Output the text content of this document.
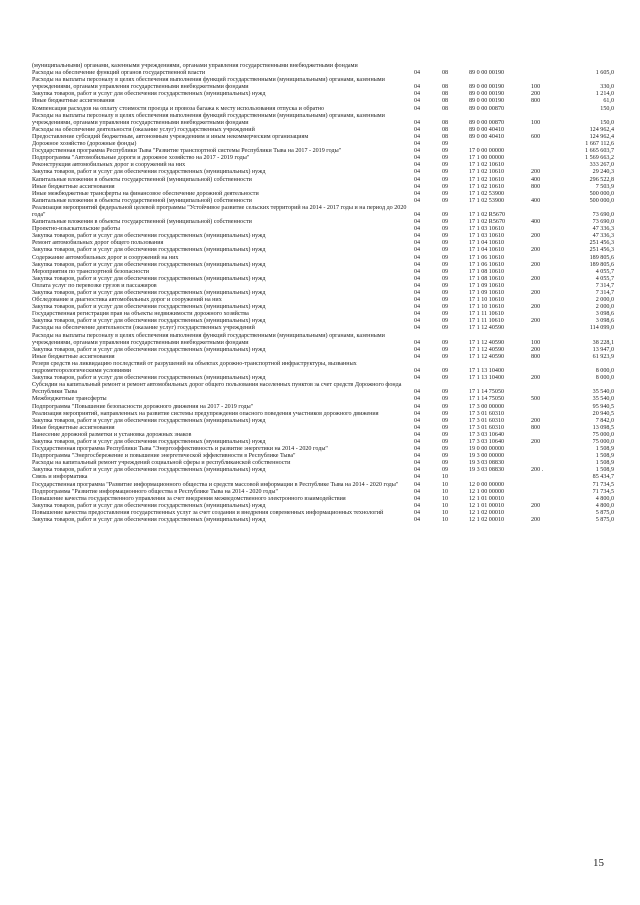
(муниципальными) органами, казенными учреждениями, органами управления государственными внебюджетными фондами					
Расходы на обеспечение функций органов государственной власти	04	08	89 0 00 00190		1 605,0
Расходы на выплаты персоналу в целях обеспечения выполнения функций государственными (муниципальными) органами, казенными учреждениями, органами управления государственными внебюджетными фондами	04	08	89 0 00 00190	100	330,0
Закупка товаров, работ и услуг для обеспечения государственных (муниципальных) нужд	04	08	89 0 00 00190	200	1 214,0
Иные бюджетные ассигнования	04	08	89 0 00 00190	800	61,0
Компенсация расходов на оплату стоимости проезда и провоза багажа к месту использования отпуска и обратно	04	08	89 0 00 00870		150,0
Расходы на выплаты персоналу в целях обеспечения выполнения функций государственными (муниципальными) органами, казенными учреждениями, органами управления государственными внебюджетными фондами	04	08	89 0 00 00870	100	150,0
Расходы на обеспечение деятельности (оказание услуг) государственных учреждений	04	08	89 0 00 40410		124 962,4
Предоставление субсидий бюджетным, автономным учреждениям и иным некоммерческим организациям	04	08	89 0 00 40410	600	124 962,4
Дорожное хозяйство (дорожные фонды)	04	09			1 667 112,6
Государственная программа Республики Тыва "Развитие транспортной системы Республики Тыва на 2017 - 2019 годы"	04	09	17 0 00 00000		1 665 603,7
Подпрограмма "Автомобильные дороги и дорожное хозяйство на 2017 - 2019 годы"	04	09	17 1 00 00000		1 569 663,2
Реконструкция автомобильных дорог и сооружений на них	04	09	17 1 02 10610		333 267,0
Закупка товаров, работ и услуг для обеспечения государственных (муниципальных) нужд	04	09	17 1 02 10610	200	29 240,3
Капитальные вложения в объекты государственной (муниципальной) собственности	04	09	17 1 02 10610	400	296 522,8
Иные бюджетные ассигнования	04	09	17 1 02 10610	800	7 503,9
Иные межбюджетные трансферты на финансовое обеспечение дорожной деятельности	04	09	17 1 02 53900		500 000,0
Капитальные вложения в объекты государственной (муниципальной) собственности	04	09	17 1 02 53900	400	500 000,0
Реализация мероприятий федеральной целевой программы "Устойчивое развитие сельских территорий на 2014 - 2017 годы и на период до 2020 года"	04	09	17 1 02 R5670		73 690,0
Капитальные вложения в объекты государственной (муниципальной) собственности	04	09	17 1 02 R5670	400	73 690,0
Проектно-изыскательские работы	04	09	17 1 03 10610		47 336,3
Закупка товаров, работ и услуг для обеспечения государственных (муниципальных) нужд	04	09	17 1 03 10610	200	47 336,3
Ремонт автомобильных дорог общего пользования	04	09	17 1 04 10610		251 456,3
Закупка товаров, работ и услуг для обеспечения государственных (муниципальных) нужд	04	09	17 1 04 10610	200	251 456,3
Содержание автомобильных дорог и сооружений на них	04	09	17 1 06 10610		189 805,6
Закупка товаров, работ и услуг для обеспечения государственных (муниципальных) нужд	04	09	17 1 06 10610	200	189 805,6
Мероприятия по транспортной безопасности	04	09	17 1 08 10610		4 055,7
Закупка товаров, работ и услуг для обеспечения государственных (муниципальных) нужд	04	09	17 1 08 10610	200	4 055,7
Оплата услуг по перевозке грузов и пассажиров	04	09	17 1 09 10610		7 314,7
Закупка товаров, работ и услуг для обеспечения государственных (муниципальных) нужд	04	09	17 1 09 10610	200	7 314,7
Обследование и диагностика автомобильных дорог и сооружений на них	04	09	17 1 10 10610		2 000,0
Закупка товаров, работ и услуг для обеспечения государственных (муниципальных) нужд	04	09	17 1 10 10610	200	2 000,0
Государственная регистрация прав на объекты недвижимости дорожного хозяйства	04	09	17 1 11 10610		3 098,6
Закупка товаров, работ и услуг для обеспечения государственных (муниципальных) нужд	04	09	17 1 11 10610	200	3 098,6
Расходы на обеспечение деятельности (оказание услуг) государственных учреждений	04	09	17 1 12 40590		114 099,0
Расходы на выплаты персоналу в целях обеспечения выполнения функций государственными (муниципальными) органами, казенными учреждениями, органами управления государственными внебюджетными фондами	04	09	17 1 12 40590	100	38 228,1
Закупка товаров, работ и услуг для обеспечения государственных (муниципальных) нужд	04	09	17 1 12 40590	200	13 947,0
Иные бюджетные ассигнования	04	09	17 1 12 40590	800	61 923,9
Резерв средств на ликвидацию последствий от разрушений на объектах дорожно-транспортной инфраструктуры, вызванных гидрометеорологическими условиями	04	09	17 1 13 10400		8 000,0
Закупка товаров, работ и услуг для обеспечения государственных (муниципальных) нужд	04	09	17 1 13 10400	200	8 000,0
Субсидии на капитальный ремонт и ремонт автомобильных дорог общего пользования населенных пунктов за счет средств Дорожного фонда Республики Тыва	04	09	17 1 14 75050		35 540,0
Межбюджетные трансферты	04	09	17 1 14 75050	500	35 540,0
Подпрограмма "Повышение безопасности дорожного движения на 2017 - 2019 годы"	04	09	17 3 00 00000		95 940,5
Реализация мероприятий, направленных на развитие системы предупреждения опасного поведения участников дорожного движения	04	09	17 3 01 60310		20 940,5
Закупка товаров, работ и услуг для обеспечения государственных (муниципальных) нужд	04	09	17 3 01 60310	200	7 842,0
Иные бюджетные ассигнования	04	09	17 3 01 60310	800	13 098,5
Нанесение дорожной разметки и установка дорожных знаков	04	09	17 3 03 10640		75 000,0
Закупка товаров, работ и услуг для обеспечения государственных (муниципальных) нужд	04	09	17 3 03 10640	200	75 000,0
Государственная программа Республики Тыва "Энергоэффективность и развитие энергетики на 2014 - 2020 годы"	04	09	19 0 00 00000		1 508,9
Подпрограмма "Энергосбережение и повышение энергетической эффективности в Республике Тыва"	04	09	19 3 00 00000		1 508,9
Расходы на капитальный ремонт учреждений социальной сферы и республиканской собственности	04	09	19 3 03 08830		1 508,9
Закупка товаров, работ и услуг для обеспечения государственных (муниципальных) нужд	04	09	19 3 03 08830	200 .	1 508,9
Связь и информатика	04	10			85 434,7
Государственная программа "Развитие информационного общества и средств массовой информации в Республике Тыва на 2014 - 2020 годы"	04	10	12 0 00 00000		71 734,5
Подпрограмма "Развитие информационного общества в Республике Тыва на 2014 - 2020 годы"	04	10	12 1 00 00000		71 734,5
Повышение качества государственного управления за счет внедрения межведомственного электронного взаимодействия	04	10	12 1 01 00010		4 800,0
Закупка товаров, работ и услуг для обеспечения государственных (муниципальных) нужд	04	10	12 1 01 00010	200	4 800,0
Повышение качества предоставления государственных услуг за счет создания и внедрения современных информационных технологий	04	10	12 1 02 00010		5 875,0
Закупка товаров, работ и услуг для обеспечения государственных (муниципальных) нужд	04	10	12 1 02 00010	200	5 875,0
15
